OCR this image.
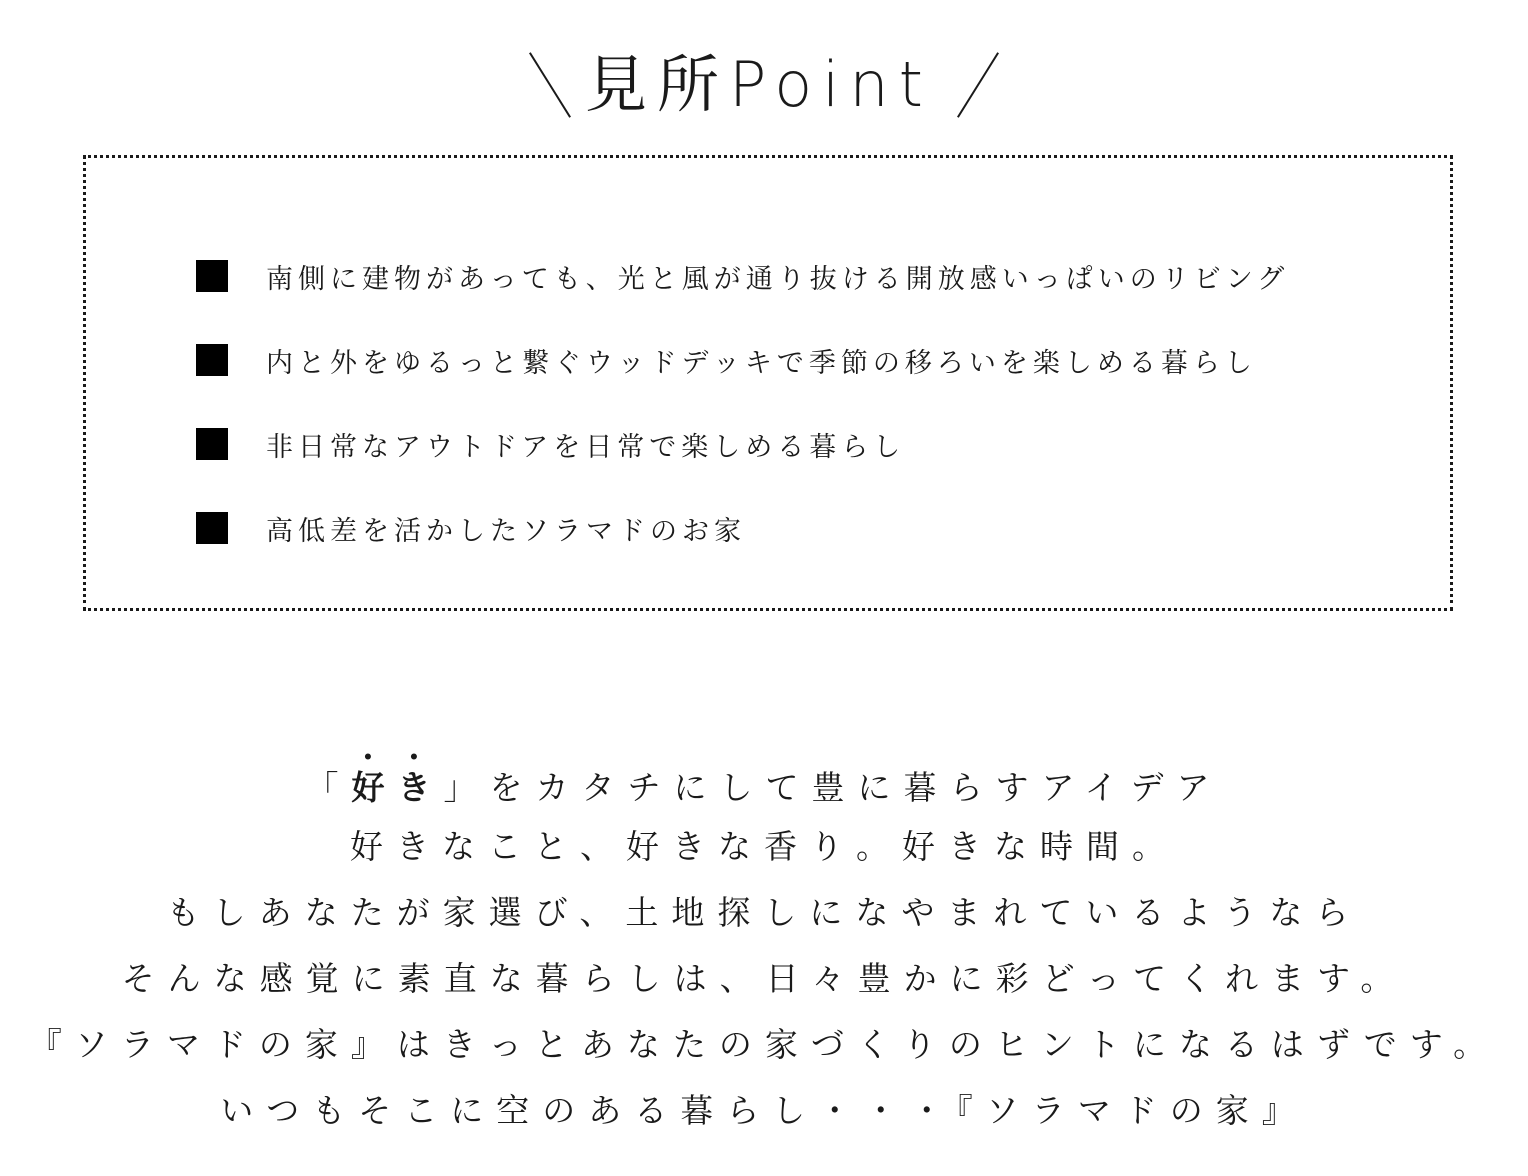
見所Point
南側に建物があっても、光と風が通り抜ける開放感いっぱいのリビング
内と外をゆるっと繋ぐウッドデッキで季節の移ろいを楽しめる暮らし
非日常なアウトドアを日常で楽しめる暮らし
高低差を活かしたソラマドのお家

「好き」をカタチにして豊に暮らすアイデア

好きなこと、好きな香り。好きな時間。

もしあなたが家選び、土地探しになやまれているようなら

そんな感覚に素直な暮らしは、日々豊かに彩どってくれます。

『ソラマドの家』はきっとあなたの家づくりのヒントになるはずです。

いつもそこに空のある暮らし・・・『ソラマドの家』
